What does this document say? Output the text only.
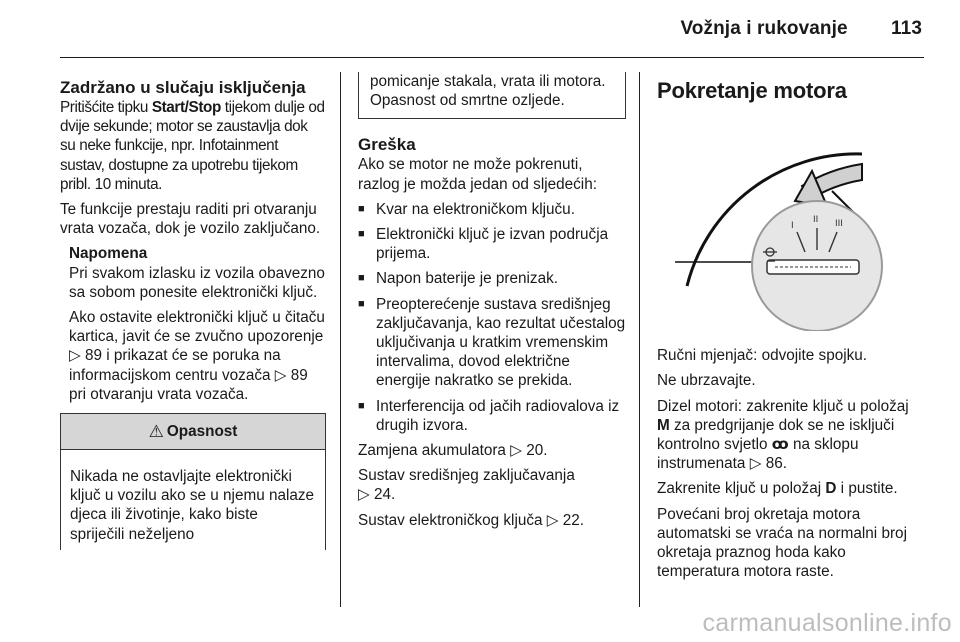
Vožnja i rukovanje 113
Zadržano u slučaju isključenja

Pritišćite tipku Start/Stop tijekom dulje od dvije sekunde; motor se zaustavlja dok su neke funkcije, npr. Infotainment sustav, dostupne za upotrebu tijekom pribl. 10 minuta.

Te funkcije prestaju raditi pri otvaranju vrata vozača, dok je vozilo zaključano.

Napomena

Pri svakom izlasku iz vozila obavezno sa sobom ponesite elektronički ključ.

Ako ostavite elektronički ključ u čitaču kartica, javit će se zvučno upozorenje ▷ 89 i prikazat će se poruka na informacijskom centru vozača ▷ 89 pri otvaranju vrata vozača.

⚠ Opasnost
Nikada ne ostavljajte elektronički ključ u vozilu ako se u njemu nalaze djeca ili životinje, kako biste spriječili neželjeno
pomicanje stakala, vrata ili motora. Opasnost od smrtne ozljede.
Greška

Ako se motor ne može pokrenuti, razlog je možda jedan od sljedećih:

■ Kvar na elektroničkom ključu.
■ Elektronički ključ je izvan područja prijema.
■ Napon baterije je prenizak.
■ Preopterećenje sustava središnjeg zaključavanja, kao rezultat učestalog uključivanja u kratkim vremenskim intervalima, dovod električne energije nakratko se prekida.
■ Interferencija od jačih radiovalova iz drugih izvora.

Zamjena akumulatora ▷ 20.

Sustav središnjeg zaključavanja
▷ 24.

Sustav elektroničkog ključa ▷ 22.

Pokretanje motora
I
II III

Ručni mjenjač: odvojite spojku.

Ne ubrzavajte.

Dizel motori: zakrenite ključ u položaj M za predgrijanje dok se ne isključi kontrolno svjetlo ꝏ na sklopu instrumenata ▷ 86.

Zakrenite ključ u položaj D i pustite.

Povećani broj okretaja motora automatski se vraća na normalni broj okretaja praznog hoda kako temperatura motora raste.

carmanualsonline.info
